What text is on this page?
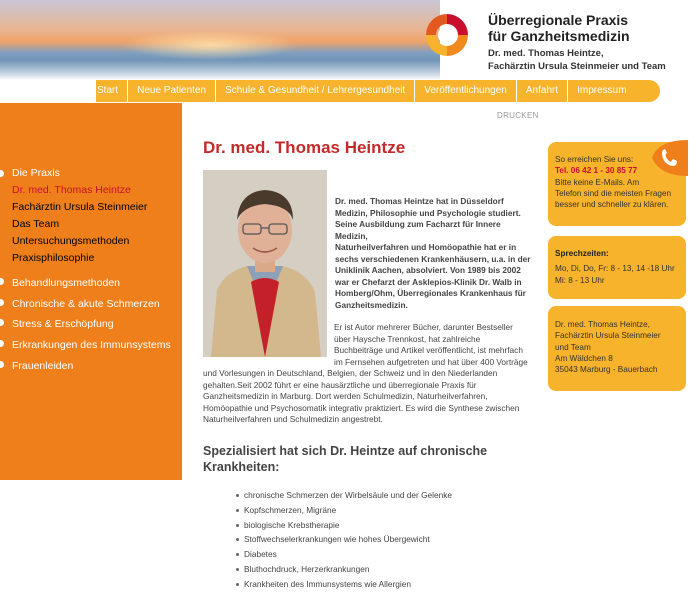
Überregionale Praxis
für Ganzheitsmedizin
Dr. med. Thomas Heintze,
Fachärztin Ursula Steinmeier und Team
Start	Neue Patienten	Schule & Gesundheit / Lehrergesundheit	Veröffentlichungen	Anfahrt	Impressum
Die Praxis
Dr. med. Thomas Heintze
Fachärztin Ursula Steinmeier
Das Team
Untersuchungsmethoden
Praxisphilosophie
Behandlungsmethoden
Chronische & akute Schmerzen
Stress & Erschöpfung
Erkrankungen des Immunsystems
Frauenleiden
DRUCKEN
Dr. med. Thomas Heintze
Dr. med. Thomas Heintze hat in Düsseldorf
Medizin, Philosophie und Psychologie studiert.
Seine Ausbildung zum Facharzt für Innere Medizin,
Naturheilverfahren und Homöopathie hat er in
sechs verschiedenen Krankenhäusern, u.a. in der
Uniklinik Aachen, absolviert. Von 1989 bis 2002
war er Chefarzt der Asklepios-Klinik Dr. Walb in
Homberg/Ohm, Überregionales Krankenhaus für
Ganzheitsmedizin.
Er ist Autor mehrerer Bücher, darunter Bestseller
über Haysche Trennkost, hat zahlreiche
Buchbeiträge und Artikel veröffentlicht, ist mehrfach
im Fernsehen aufgetreten und hat über 400 Vorträge
und Vorlesungen in Deutschland, Belgien, der Schweiz und in den Niederlanden
gehalten.Seit 2002 führt er eine hausärztliche und überregionale Praxis für
Ganzheitsmedizin in Marburg. Dort werden Schulmedizin, Naturheilverfahren,
Homöopathie und Psychosomatik integrativ praktiziert. Es wird die Synthese zwischen
Naturheilverfahren und Schulmedizin angestrebt.
Spezialisiert hat sich Dr. Heintze auf chronische
Krankheiten:
chronische Schmerzen der Wirbelsäule und der Gelenke
Kopfschmerzen, Migräne
biologische Krebstherapie
Stoffwechselerkrankungen wie hohes Übergewicht
Diabetes
Bluthochdruck, Herzerkrankungen
Krankheiten des Immunsystems wie Allergien
So erreichen Sie uns:
Tel. 06 42 1 - 30 85 77
Bitte keine E-Mails. Am
Telefon sind die meisten Fragen
besser und schneller zu klären.
Sprechzeiten:
Mo, Di, Do, Fr: 8 - 13, 14 -18 Uhr
Mi: 8 - 13 Uhr
Dr. med. Thomas Heintze,
Fachärztin Ursula Steinmeier
und Team
Am Wäldchen 8
35043 Marburg - Bauerbach
